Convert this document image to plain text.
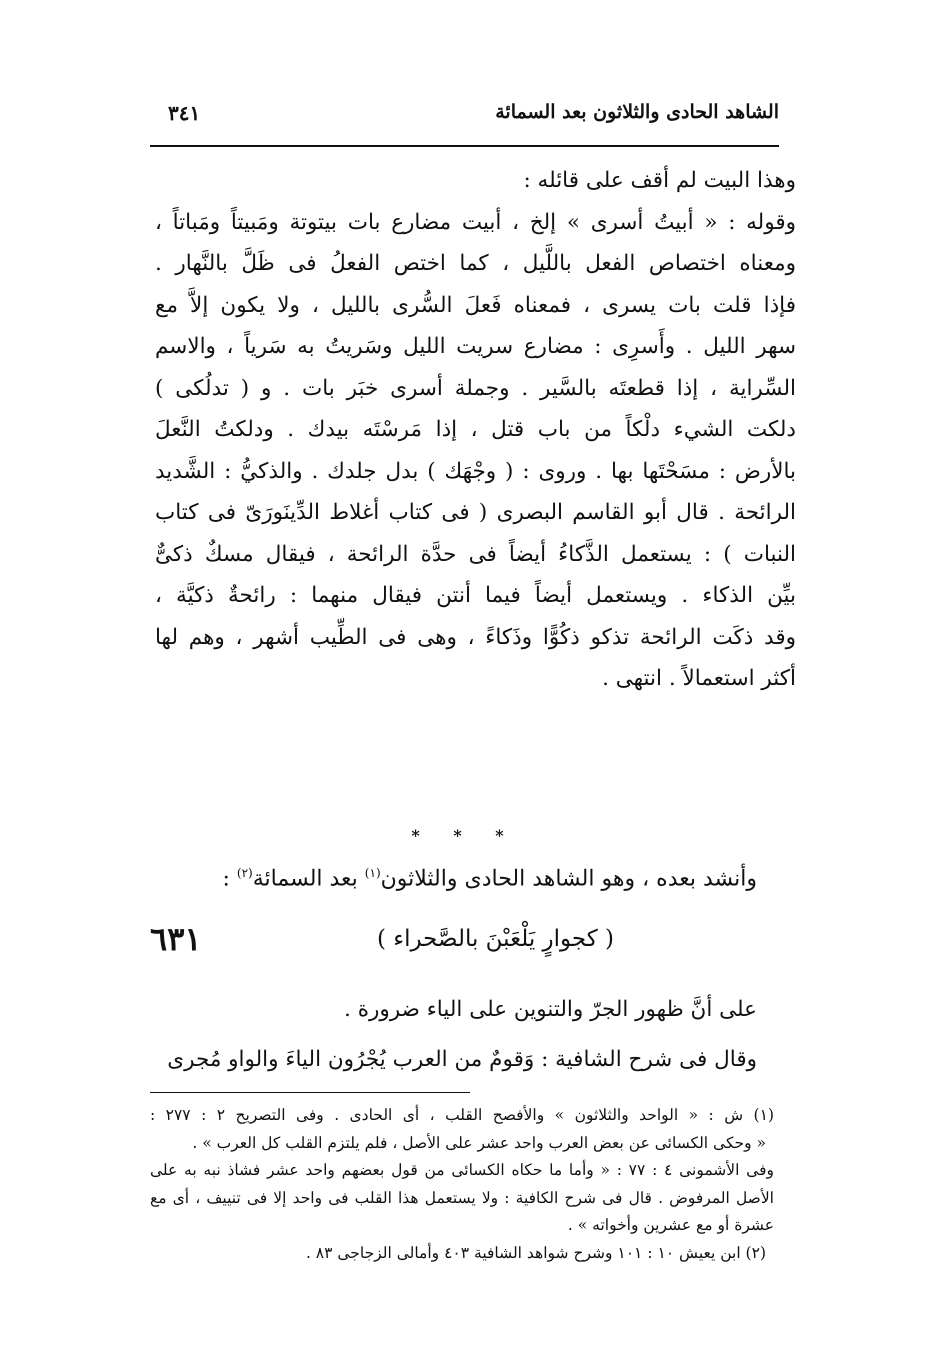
الشاهد الحادى والثلاثون بعد السمائة
٣٤١
وهذا البيت لم أقف على قائله :
وقوله : « أبيتُ أسرى » إلخ ، أبيت مضارع بات بيتوتة ومَبيتاً ومَباتاً ،
ومعناه اختصاص الفعل باللَّيل ، كما اختص الفعلُ فى ظَلَّ بالنَّهار .
فإذا قلت بات يسرى ، فمعناه فَعلَ السُّرى بالليل ، ولا يكون إلاَّ مع
سهر الليل . وأَسرِى : مضارع سريت الليل وسَريتُ به سَرياً ، والاسم
السِّراية ، إذا قطعتَه بالسَّير . وجملة أسرى خبَر بات . و ( تدلُكى )
دلكت الشيء دلْكاً من باب قتل ، إذا مَرسْتَه بيدك . ودلكتُ النَّعلَ
بالأرض : مسَحْتَها بها . وروى : ( وجْهَك ) بدل جلدك . والذكيُّ : الشَّديد
الرائحة . قال أبو القاسم البصرى ( فى كتاب أغلاط الدِّينَورَىّ فى كتاب
النبات ) : يستعمل الذَّكاءُ أيضاً فى حدَّة الرائحة ، فيقال مسكٌ ذكىٌّ
بيِّن الذكاء . ويستعمل أيضاً فيما أنتن فيقال منهما : رائحةٌ ذكيَّة ،
وقد ذكَت الرائحة تذكو ذكُوًّا وذَكاءً ، وهى فى الطِّيب أشهر ، وهم لها
أكثر استعمالاً . انتهى .
* * *
وأنشد بعده ، وهو الشاهد الحادى والثلاثون$^{(١)}$ بعد السمائة$^{(٢)}$ :
٦٣١	( كجوارٍ يَلْعَبْنَ بالصَّحراء )
على أنَّ ظهور الجرّ والتنوين على الياء ضرورة .
وقال فى شرح الشافية : وَقومٌ من العرب يُجْرُون الياءَ والواو مُجرى
(١) ش : « الواحد والثلاثون » والأفصح القلب ، أى الحادى . وفى التصريح ٢ : ٢٧٧ :
« وحكى الكسائى عن بعض العرب واحد عشر على الأصل ، فلم يلتزم القلب كل العرب » .
وفى الأشمونى ٤ : ٧٧ : « وأما ما حكاه الكسائى من قول بعضهم واحد عشر فشاذ نبه به على
الأصل المرفوض . قال فى شرح الكافية : ولا يستعمل هذا القلب فى واحد إلا فى تنييف ، أى مع
عشرة أو مع عشرين وأخواته » .
(٢) ابن يعيش ١٠ : ١٠١ وشرح شواهد الشافية ٤٠٣ وأمالى الزجاجى ٨٣ .
